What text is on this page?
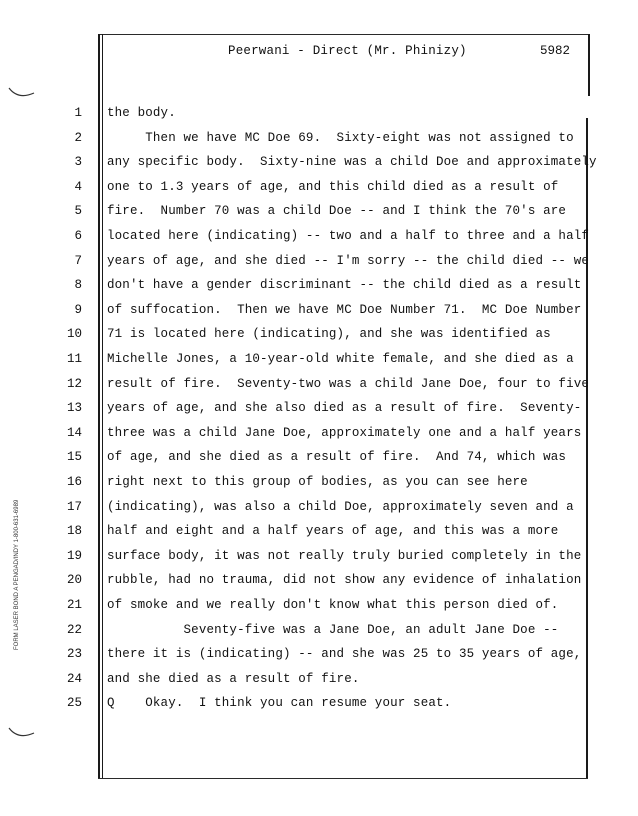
Peerwani - Direct (Mr. Phinizy)	5982
FORM LASER BOND A PENGAD/INDY 1-800-631-6989
1 the body.
2 Then we have MC Doe 69.  Sixty-eight was not assigned to
3 any specific body.  Sixty-nine was a child Doe and approximately
4 one to 1.3 years of age, and this child died as a result of
5 fire.  Number 70 was a child Doe -- and I think the 70's are
6 located here (indicating) -- two and a half to three and a half
7 years of age, and she died -- I'm sorry -- the child died -- we
8 don't have a gender discriminant -- the child died as a result
9 of suffocation.  Then we have MC Doe Number 71.  MC Doe Number
10 71 is located here (indicating), and she was identified as
11 Michelle Jones, a 10-year-old white female, and she died as a
12 result of fire.  Seventy-two was a child Jane Doe, four to five
13 years of age, and she also died as a result of fire.  Seventy-
14 three was a child Jane Doe, approximately one and a half years
15 of age, and she died as a result of fire.  And 74, which was
16 right next to this group of bodies, as you can see here
17 (indicating), was also a child Doe, approximately seven and a
18 half and eight and a half years of age, and this was a more
19 surface body, it was not really truly buried completely in the
20 rubble, had no trauma, did not show any evidence of inhalation
21 of smoke and we really don't know what this person died of.
22 Seventy-five was a Jane Doe, an adult Jane Doe --
23 there it is (indicating) -- and she was 25 to 35 years of age,
24 and she died as a result of fire.
25 Q    Okay.  I think you can resume your seat.
